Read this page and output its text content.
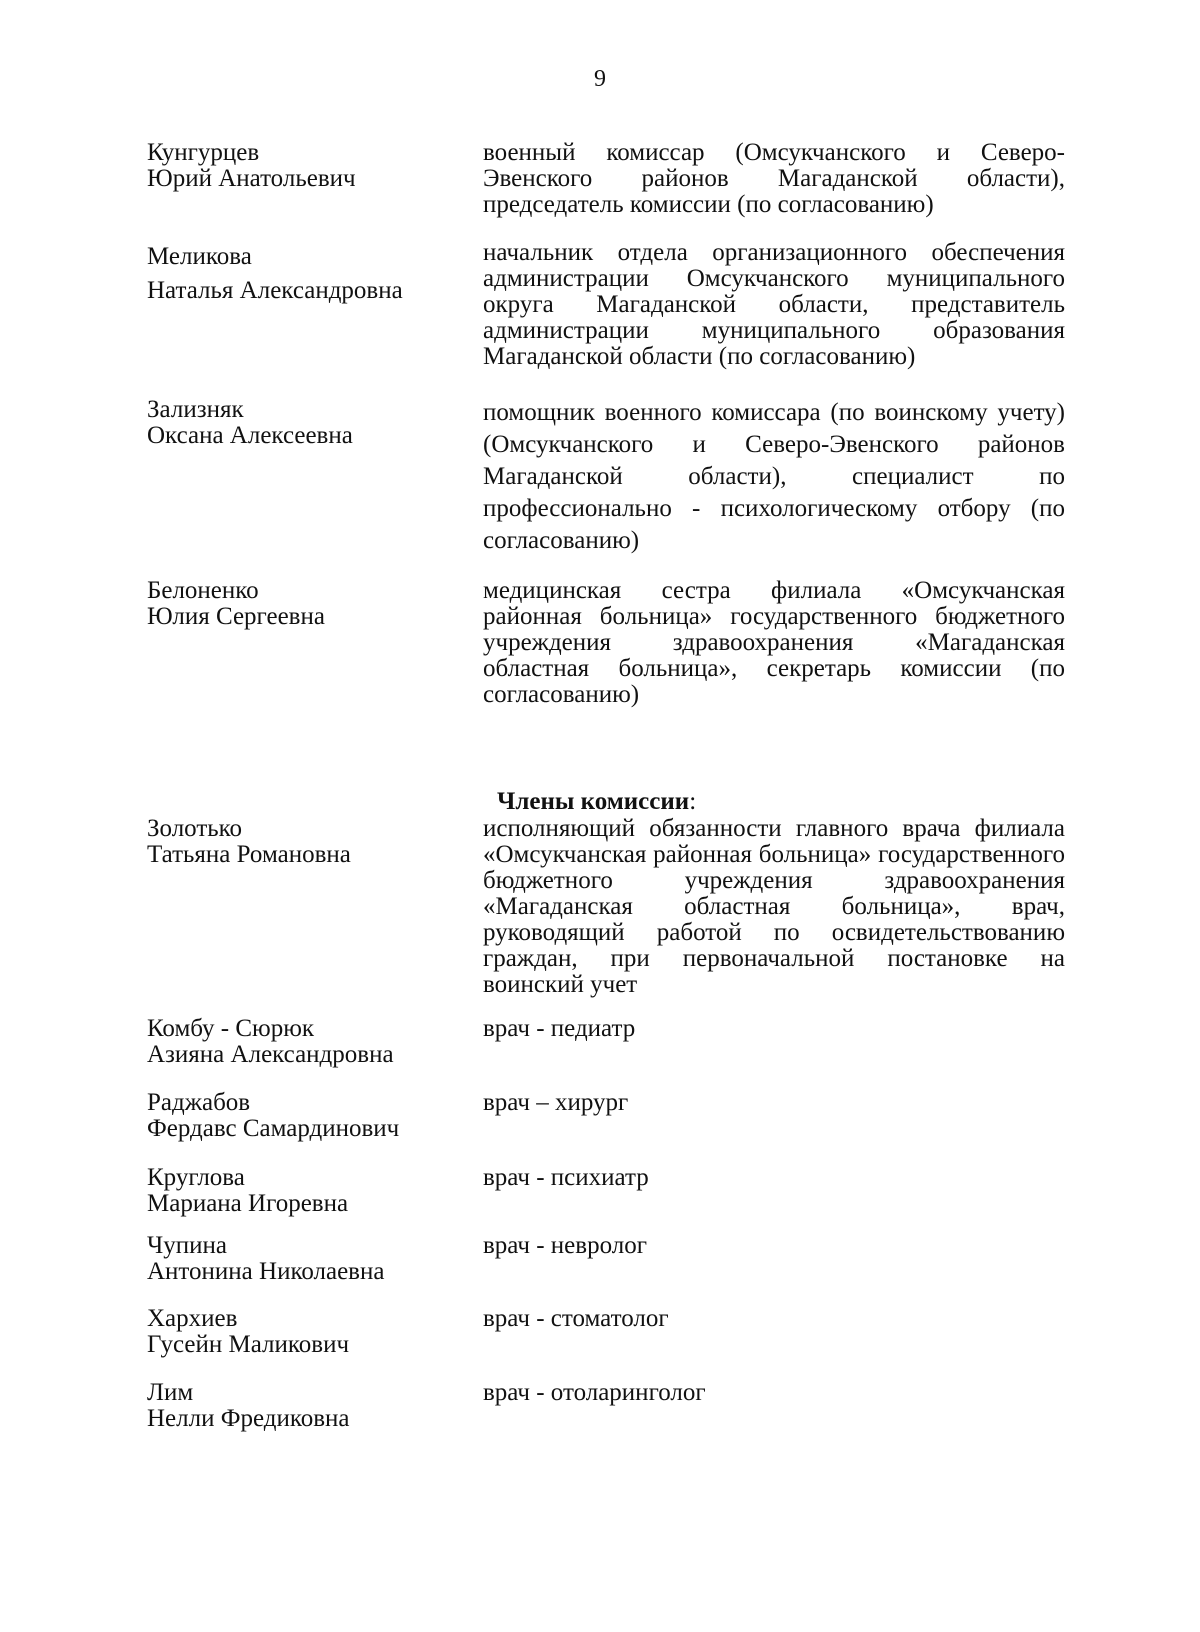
9
Кунгурцев
Юрий Анатольевич
военный комиссар (Омсукчанского и Северо-Эвенского районов Магаданской области), председатель комиссии (по согласованию)
Меликова
Наталья Александровна
начальник отдела организационного обеспечения администрации Омсукчанского муниципального округа Магаданской области, представитель администрации муниципального образования Магаданской области (по согласованию)
Зализняк
Оксана Алексеевна
помощник военного комиссара (по воинскому учету) (Омсукчанского и Северо-Эвенского районов Магаданской области), специалист по профессионально - психологическому отбору (по согласованию)
Белоненко
Юлия Сергеевна
медицинская сестра филиала «Омсукчанская районная больница» государственного бюджетного учреждения здравоохранения «Магаданская областная больница», секретарь комиссии (по согласованию)
Члены комиссии:
Золотько
Татьяна Романовна
исполняющий обязанности главного врача филиала «Омсукчанская районная больница» государственного бюджетного учреждения здравоохранения «Магаданская областная больница», врач, руководящий работой по освидетельствованию граждан, при первоначальной постановке на воинский учет
Комбу - Сюрюк
Азияна Александровна
врач - педиатр
Раджабов
Фердавс Самардинович
врач – хирург
Круглова
Мариана Игоревна
врач - психиатр
Чупина
Антонина Николаевна
врач - невролог
Хархиев
Гусейн Маликович
врач - стоматолог
Лим
Нелли Фредиковна
врач - отоларинголог
